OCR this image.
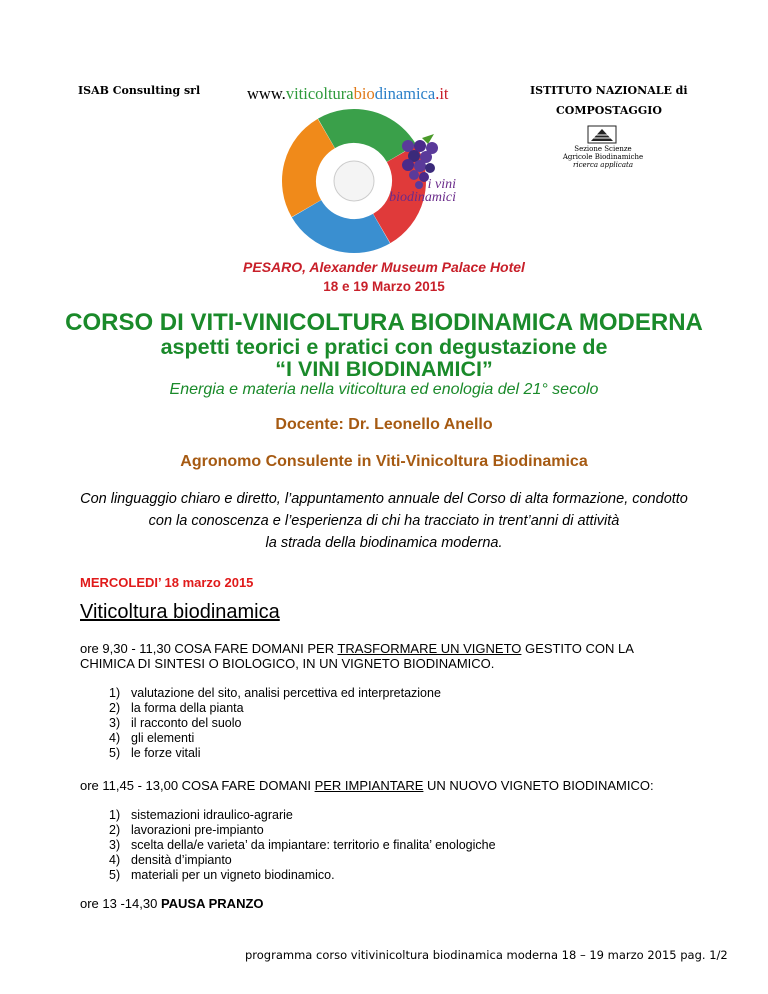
ISAB Consulting srl	www.viticolturabiodinamica.it	ISTITUTO NAZIONALE di
COMPOSTAGGIO
Sezione Scienze
Agricole Biodinamiche
ricerca applicata
i vini
biodinamici
PESARO, Alexander Museum Palace Hotel
18 e 19 Marzo 2015
CORSO DI VITI-VINICOLTURA BIODINAMICA MODERNA
aspetti teorici e pratici con degustazione de
“I VINI BIODINAMICI”
Energia e materia nella viticoltura ed enologia del 21° secolo
Docente: Dr. Leonello Anello
Agronomo Consulente in Viti-Vinicoltura Biodinamica
Con linguaggio chiaro e diretto, l’appuntamento annuale del Corso di alta formazione, condotto
con la conoscenza e l’esperienza di chi ha tracciato in trent’anni di attività
la strada della biodinamica moderna.
MERCOLEDI’ 18 marzo 2015
Viticoltura biodinamica
ore 9,30 - 11,30 COSA FARE DOMANI PER TRASFORMARE UN VIGNETO GESTITO CON LA
CHIMICA DI SINTESI O BIOLOGICO, IN UN VIGNETO BIODINAMICO.
1) valutazione del sito, analisi percettiva ed interpretazione
2) la forma della pianta
3) il racconto del suolo
4) gli elementi
5) le forze vitali
ore 11,45 - 13,00 COSA FARE DOMANI PER IMPIANTARE UN NUOVO VIGNETO BIODINAMICO:
1) sistemazioni idraulico-agrarie
2) lavorazioni pre-impianto
3) scelta della/e varieta’ da impiantare: territorio e finalita’ enologiche
4) densità d’impianto
5) materiali per un vigneto biodinamico.
ore 13 -14,30 PAUSA PRANZO
programma corso vitivinicoltura biodinamica moderna 18 – 19 marzo 2015 pag. 1/2
